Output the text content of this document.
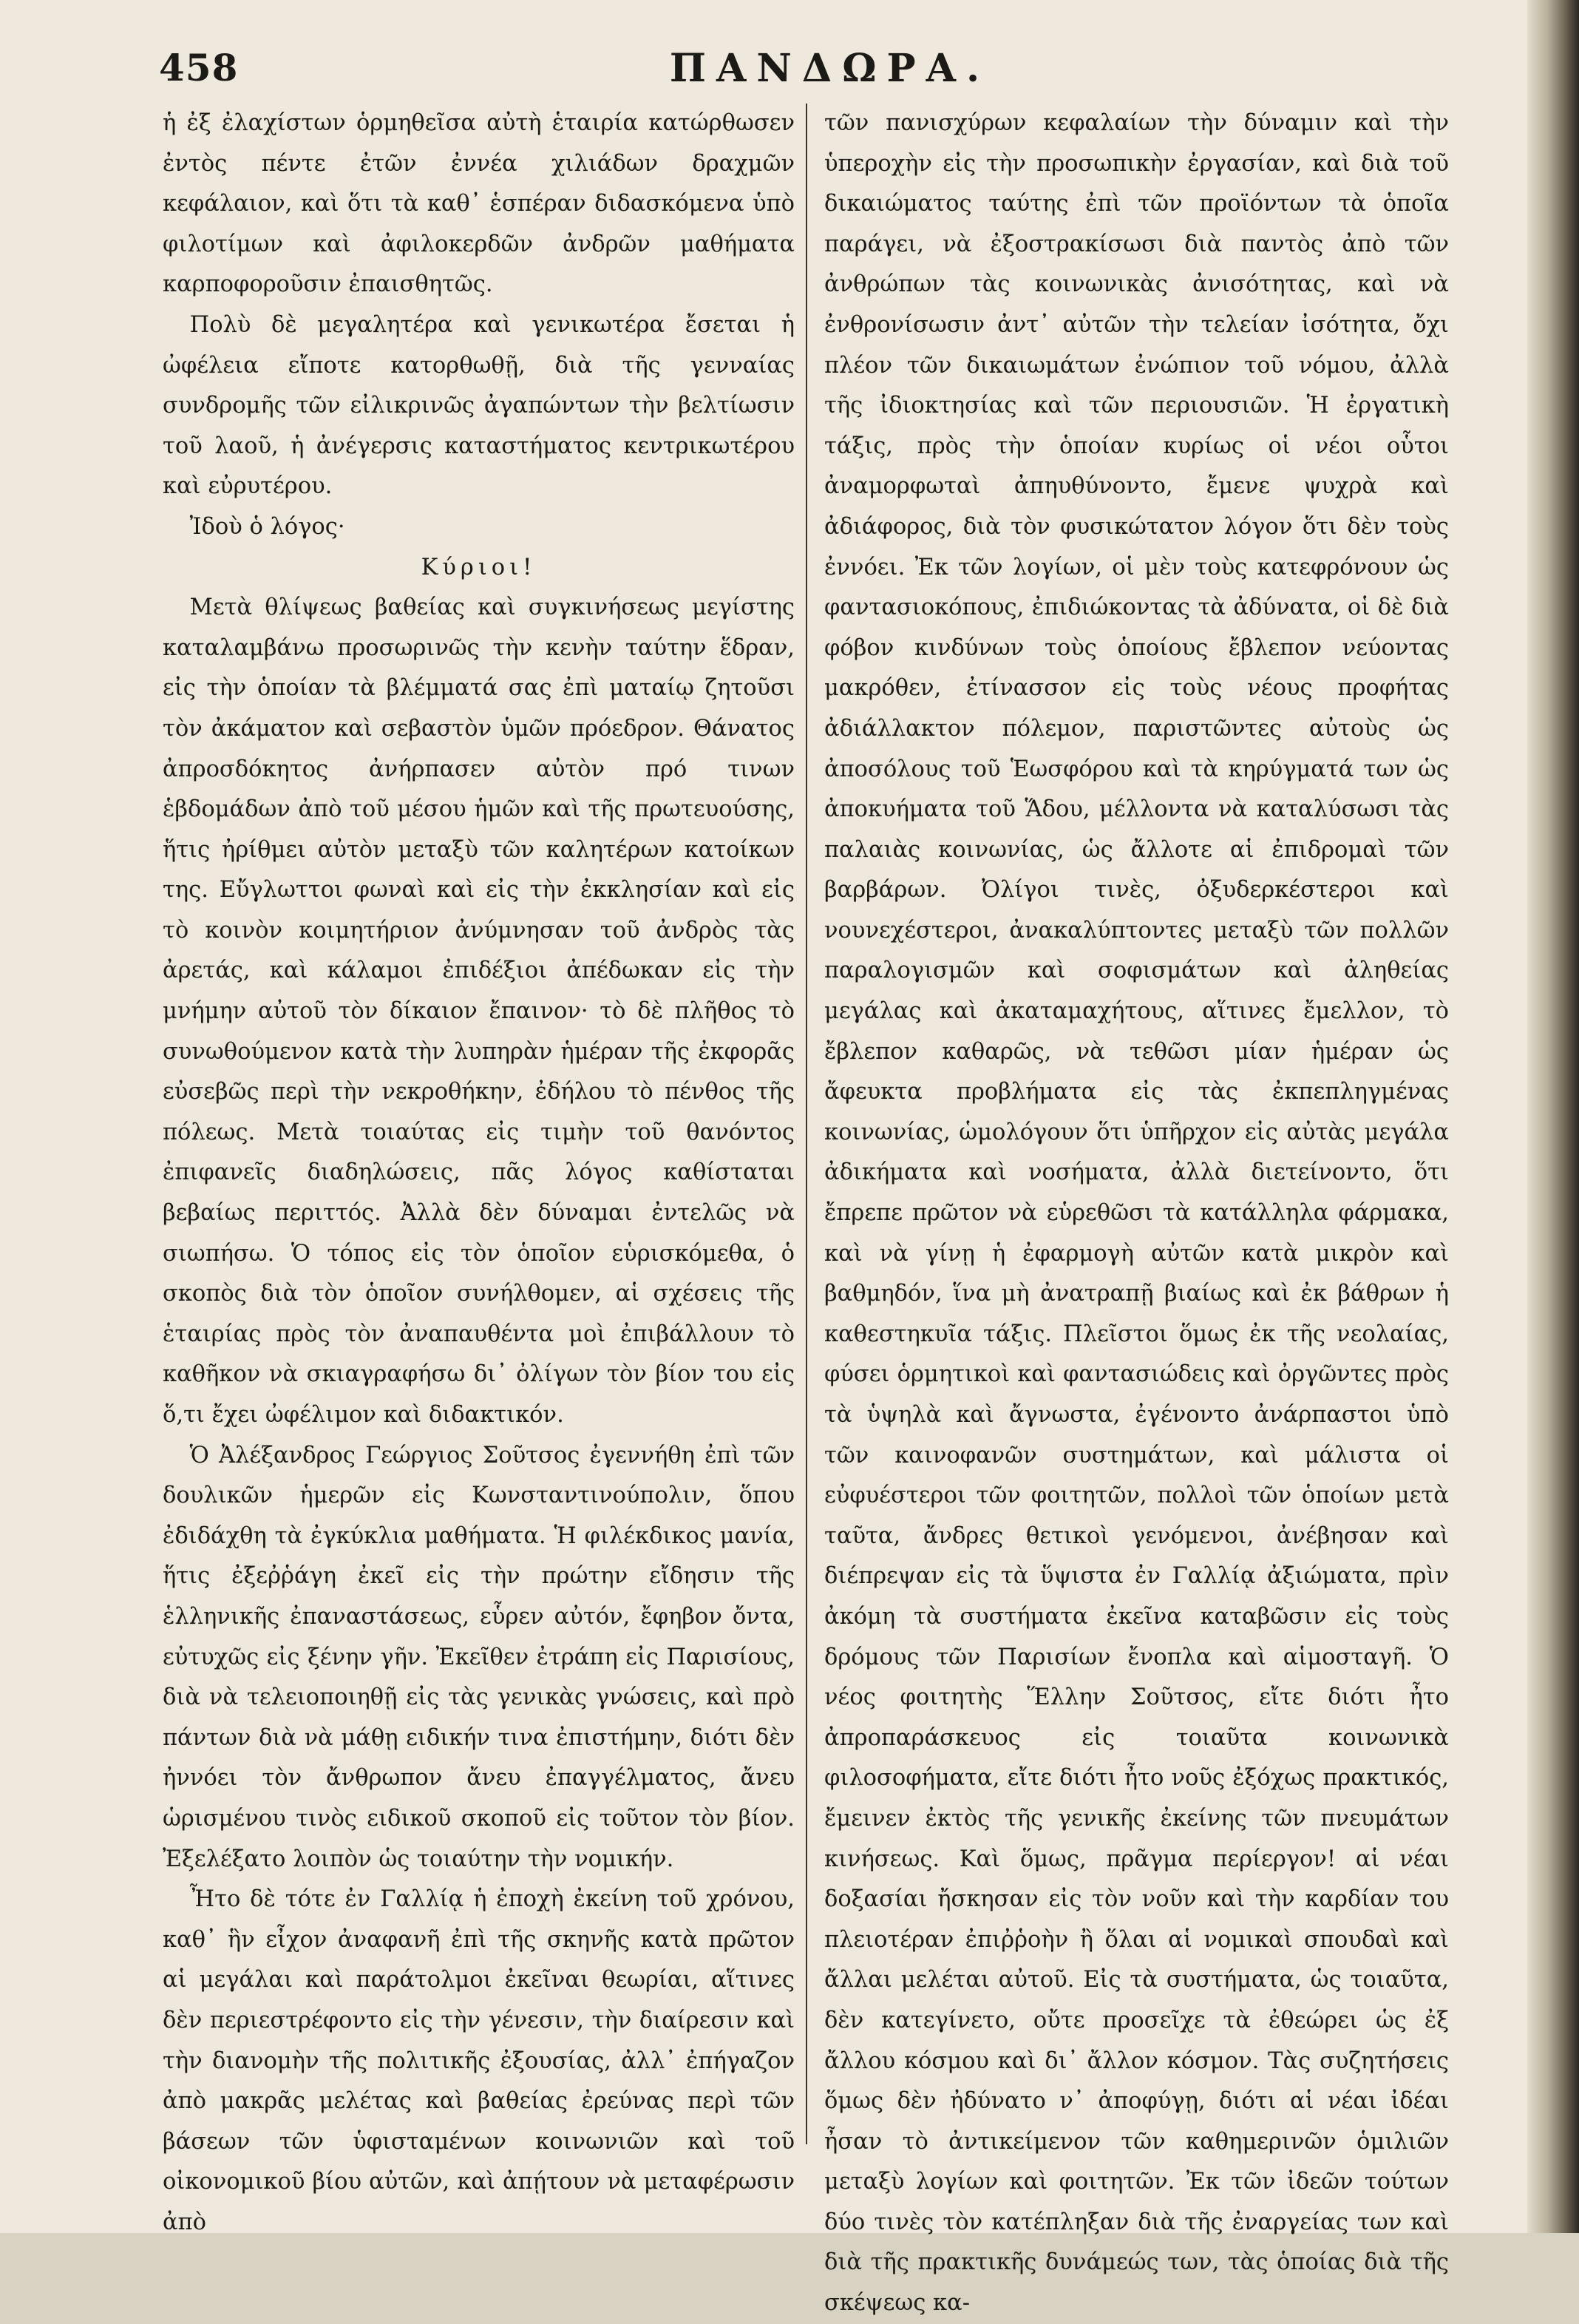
458	ΠΑΝΔΩΡΑ.

ἡ ἐξ ἐλαχίστων ὁρμηθεῖσα αὐτὴ ἑταιρία κατώρθωσεν ἐντὸς πέντε ἐτῶν ἐννέα χιλιάδων δραχμῶν κεφάλαιον, καὶ ὅτι τὰ καθ᾽ ἑσπέραν διδασκόμενα ὑπὸ φιλοτίμων καὶ ἀφιλοκερδῶν ἀνδρῶν μαθήματα καρποφοροῦσιν ἐπαισθητῶς.

Πολὺ δὲ μεγαλητέρα καὶ γενικωτέρα ἔσεται ἡ ὠφέλεια εἴποτε κατορθωθῇ, διὰ τῆς γενναίας συνδρομῆς τῶν εἰλικρινῶς ἀγαπώντων τὴν βελτίωσιν τοῦ λαοῦ, ἡ ἀνέγερσις καταστήματος κεντρικωτέρου καὶ εὐρυτέρου.

Ἰδοὺ ὁ λόγος·

Κύριοι!

Μετὰ θλίψεως βαθείας καὶ συγκινήσεως μεγίστης καταλαμβάνω προσωρινῶς τὴν κενὴν ταύτην ἕδραν, εἰς τὴν ὁποίαν τὰ βλέμματά σας ἐπὶ ματαίῳ ζητοῦσι τὸν ἀκάματον καὶ σεβαστὸν ὑμῶν πρόεδρον. Θάνατος ἀπροσδόκητος ἀνήρπασεν αὐτὸν πρό τινων ἑβδομάδων ἀπὸ τοῦ μέσου ἡμῶν καὶ τῆς πρωτευούσης, ἥτις ἠρίθμει αὐτὸν μεταξὺ τῶν καλητέρων κατοίκων της. Εὔγλωττοι φωναὶ καὶ εἰς τὴν ἐκκλησίαν καὶ εἰς τὸ κοινὸν κοιμητήριον ἀνύμνησαν τοῦ ἀνδρὸς τὰς ἀρετάς, καὶ κάλαμοι ἐπιδέξιοι ἀπέδωκαν εἰς τὴν μνήμην αὐτοῦ τὸν δίκαιον ἔπαινον· τὸ δὲ πλῆθος τὸ συνωθούμενον κατὰ τὴν λυπηρὰν ἡμέραν τῆς ἐκφορᾶς εὐσεβῶς περὶ τὴν νεκροθήκην, ἐδήλου τὸ πένθος τῆς πόλεως. Μετὰ τοιαύτας εἰς τιμὴν τοῦ θανόντος ἐπιφανεῖς διαδηλώσεις, πᾶς λόγος καθίσταται βεβαίως περιττός. Ἀλλὰ δὲν δύναμαι ἐντελῶς νὰ σιωπήσω. Ὁ τόπος εἰς τὸν ὁποῖον εὑρισκόμεθα, ὁ σκοπὸς διὰ τὸν ὁποῖον συνήλθομεν, αἱ σχέσεις τῆς ἑταιρίας πρὸς τὸν ἀναπαυθέντα μοὶ ἐπιβάλλουν τὸ καθῆκον νὰ σκιαγραφήσω δι᾽ ὀλίγων τὸν βίον του εἰς ὅ,τι ἔχει ὠφέλιμον καὶ διδακτικόν.

Ὁ Ἀλέξανδρος Γεώργιος Σοῦτσος ἐγεννήθη ἐπὶ τῶν δουλικῶν ἡμερῶν εἰς Κωνσταντινούπολιν, ὅπου ἐδιδάχθη τὰ ἐγκύκλια μαθήματα. Ἡ φιλέκδικος μανία, ἥτις ἐξεῤῥάγη ἐκεῖ εἰς τὴν πρώτην εἴδησιν τῆς ἑλληνικῆς ἐπαναστάσεως, εὗρεν αὐτόν, ἔφηβον ὄντα, εὐτυχῶς εἰς ξένην γῆν. Ἐκεῖθεν ἐτράπη εἰς Παρισίους, διὰ νὰ τελειοποιηθῇ εἰς τὰς γενικὰς γνώσεις, καὶ πρὸ πάντων διὰ νὰ μάθῃ ειδικήν τινα ἐπιστήμην, διότι δὲν ἠννόει τὸν ἄνθρωπον ἄνευ ἐπαγγέλματος, ἄνευ ὡρισμένου τινὸς ειδικοῦ σκοποῦ εἰς τοῦτον τὸν βίον. Ἐξελέξατο λοιπὸν ὡς τοιαύτην τὴν νομικήν.

Ἦτο δὲ τότε ἐν Γαλλίᾳ ἡ ἐποχὴ ἐκείνη τοῦ χρόνου, καθ᾽ ἣν εἶχον ἀναφανῆ ἐπὶ τῆς σκηνῆς κατὰ πρῶτον αἱ μεγάλαι καὶ παράτολμοι ἐκεῖναι θεωρίαι, αἵτινες δὲν περιεστρέφοντο εἰς τὴν γένεσιν, τὴν διαίρεσιν καὶ τὴν διανομὴν τῆς πολιτικῆς ἐξουσίας, ἀλλ᾽ ἐπήγαζον ἀπὸ μακρᾶς μελέτας καὶ βαθείας ἐρεύνας περὶ τῶν βάσεων τῶν ὑφισταμένων κοινωνιῶν καὶ τοῦ οἰκονομικοῦ βίου αὐτῶν, καὶ ἀπῄτουν νὰ μεταφέρωσιν ἀπὸ

τῶν πανισχύρων κεφαλαίων τὴν δύναμιν καὶ τὴν ὑπεροχὴν εἰς τὴν προσωπικὴν ἐργασίαν, καὶ διὰ τοῦ δικαιώματος ταύτης ἐπὶ τῶν προϊόντων τὰ ὁποῖα παράγει, νὰ ἐξοστρακίσωσι διὰ παντὸς ἀπὸ τῶν ἀνθρώπων τὰς κοινωνικὰς ἀνισότητας, καὶ νὰ ἐνθρονίσωσιν ἀντ᾽ αὐτῶν τὴν τελείαν ἰσότητα, ὄχι πλέον τῶν δικαιωμάτων ἐνώπιον τοῦ νόμου, ἀλλὰ τῆς ἰδιοκτησίας καὶ τῶν περιουσιῶν. Ἡ ἐργατικὴ τάξις, πρὸς τὴν ὁποίαν κυρίως οἱ νέοι οὗτοι ἀναμορφωταὶ ἀπηυθύνοντο, ἔμενε ψυχρὰ καὶ ἀδιάφορος, διὰ τὸν φυσικώτατον λόγον ὅτι δὲν τοὺς ἐννόει. Ἐκ τῶν λογίων, οἱ μὲν τοὺς κατεφρόνουν ὡς φαντασιοκόπους, ἐπιδιώκοντας τὰ ἀδύνατα, οἱ δὲ διὰ φόβον κινδύνων τοὺς ὁποίους ἔβλεπον νεύοντας μακρόθεν, ἐτίνασσον εἰς τοὺς νέους προφήτας ἀδιάλλακτον πόλεμον, παριστῶντες αὐτοὺς ὡς ἀποσόλους τοῦ Ἑωσφόρου καὶ τὰ κηρύγματά των ὡς ἀποκυήματα τοῦ Ἅδου, μέλλοντα νὰ καταλύσωσι τὰς παλαιὰς κοινωνίας, ὡς ἄλλοτε αἱ ἐπιδρομαὶ τῶν βαρβάρων. Ὀλίγοι τινὲς, ὀξυδερκέστεροι καὶ νουνεχέστεροι, ἀνακαλύπτοντες μεταξὺ τῶν πολλῶν παραλογισμῶν καὶ σοφισμάτων καὶ ἀληθείας μεγάλας καὶ ἀκαταμαχήτους, αἵτινες ἔμελλον, τὸ ἔβλεπον καθαρῶς, νὰ τεθῶσι μίαν ἡμέραν ὡς ἄφευκτα προβλήματα εἰς τὰς ἐκπεπληγμένας κοινωνίας, ὡμολόγουν ὅτι ὑπῆρχον εἰς αὐτὰς μεγάλα ἀδικήματα καὶ νοσήματα, ἀλλὰ διετείνοντο, ὅτι ἔπρεπε πρῶτον νὰ εὑρεθῶσι τὰ κατάλληλα φάρμακα, καὶ νὰ γίνῃ ἡ ἐφαρμογὴ αὐτῶν κατὰ μικρὸν καὶ βαθμηδόν, ἵνα μὴ ἀνατραπῇ βιαίως καὶ ἐκ βάθρων ἡ καθεστηκυῖα τάξις. Πλεῖστοι ὅμως ἐκ τῆς νεολαίας, φύσει ὁρμητικοὶ καὶ φαντασιώδεις καὶ ὀργῶντες πρὸς τὰ ὑψηλὰ καὶ ἄγνωστα, ἐγένοντο ἀνάρπαστοι ὑπὸ τῶν καινοφανῶν συστημάτων, καὶ μάλιστα οἱ εὐφυέστεροι τῶν φοιτητῶν, πολλοὶ τῶν ὁποίων μετὰ ταῦτα, ἄνδρες θετικοὶ γενόμενοι, ἀνέβησαν καὶ διέπρεψαν εἰς τὰ ὕψιστα ἐν Γαλλίᾳ ἀξιώματα, πρὶν ἀκόμη τὰ συστήματα ἐκεῖνα καταβῶσιν εἰς τοὺς δρόμους τῶν Παρισίων ἔνοπλα καὶ αἱμοσταγῆ. Ὁ νέος φοιτητὴς Ἕλλην Σοῦτσος, εἴτε διότι ἦτο ἀπροπαράσκευος εἰς τοιαῦτα κοινωνικὰ φιλοσοφήματα, εἴτε διότι ἦτο νοῦς ἐξόχως πρακτικός, ἔμεινεν ἐκτὸς τῆς γενικῆς ἐκείνης τῶν πνευμάτων κινήσεως. Καὶ ὅμως, πρᾶγμα περίεργον! αἱ νέαι δοξασίαι ἤσκησαν εἰς τὸν νοῦν καὶ τὴν καρδίαν του πλειοτέραν ἐπιῤῥοὴν ἢ ὅλαι αἱ νομικαὶ σπουδαὶ καὶ ἄλλαι μελέται αὐτοῦ. Εἰς τὰ συστήματα, ὡς τοιαῦτα, δὲν κατεγίνετο, οὔτε προσεῖχε τὰ ἐθεώρει ὡς ἐξ ἄλλου κόσμου καὶ δι᾽ ἄλλον κόσμον. Τὰς συζητήσεις ὅμως δὲν ἠδύνατο ν᾽ ἀποφύγῃ, διότι αἱ νέαι ἰδέαι ἦσαν τὸ ἀντικείμενον τῶν καθημερινῶν ὁμιλιῶν μεταξὺ λογίων καὶ φοιτητῶν. Ἐκ τῶν ἰδεῶν τούτων δύο τινὲς τὸν κατέπληξαν διὰ τῆς ἐναργείας των καὶ διὰ τῆς πρακτικῆς δυνάμεώς των, τὰς ὁποίας διὰ τῆς σκέψεως κα-
